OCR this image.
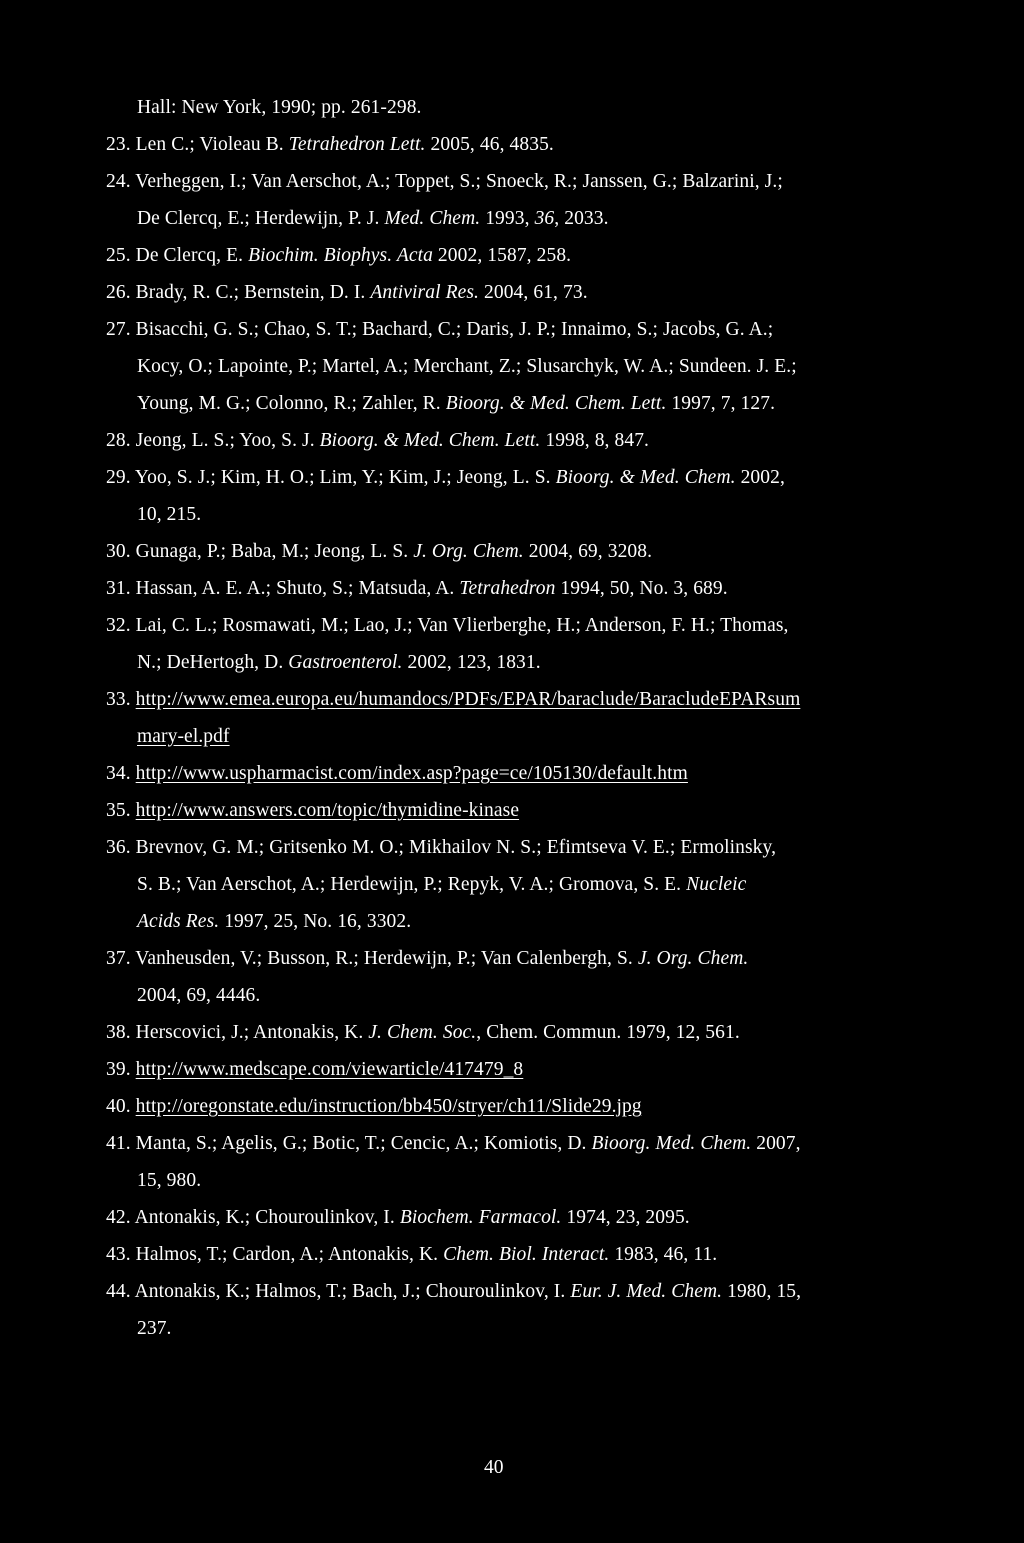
Hall: New York, 1990; pp. 261-298.
23. Len C.; Violeau B. Tetrahedron Lett. 2005, 46, 4835.
24. Verheggen, I.; Van Aerschot, A.; Toppet, S.; Snoeck, R.; Janssen, G.; Balzarini, J.;
De Clercq, E.; Herdewijn, P. J. Med. Chem. 1993, 36, 2033.
25. De Clercq, E. Biochim. Biophys. Acta 2002, 1587, 258.
26. Brady, R. C.; Bernstein, D. I. Antiviral Res. 2004, 61, 73.
27. Bisacchi, G. S.; Chao, S. T.; Bachard, C.; Daris, J. P.; Innaimo, S.; Jacobs, G. A.;
Kocy, O.; Lapointe, P.; Martel, A.; Merchant, Z.; Slusarchyk, W. A.; Sundeen. J. E.;
Young, M. G.; Colonno, R.; Zahler, R. Bioorg. & Med. Chem. Lett. 1997, 7, 127.
28. Jeong, L. S.; Yoo, S. J. Bioorg. & Med. Chem. Lett. 1998, 8, 847.
29. Yoo, S. J.; Kim, H. O.; Lim, Y.; Kim, J.; Jeong, L. S. Bioorg. & Med. Chem. 2002,
10, 215.
30. Gunaga, P.; Baba, M.; Jeong, L. S. J. Org. Chem. 2004, 69, 3208.
31. Hassan, A. E. A.; Shuto, S.; Matsuda, A. Tetrahedron 1994, 50, No. 3, 689.
32. Lai, C. L.; Rosmawati, M.; Lao, J.; Van Vlierberghe, H.; Anderson, F. H.; Thomas,
N.; DeHertogh, D. Gastroenterol. 2002, 123, 1831.
33. http://www.emea.europa.eu/humandocs/PDFs/EPAR/baraclude/BaracludeEPARsum
mary-el.pdf
34. http://www.uspharmacist.com/index.asp?page=ce/105130/default.htm
35. http://www.answers.com/topic/thymidine-kinase
36. Brevnov, G. M.; Gritsenko M. O.; Mikhailov N. S.; Efimtseva V. E.; Ermolinsky,
S. B.; Van Aerschot, A.; Herdewijn, P.; Repyk, V. A.; Gromova, S. E. Nucleic
Acids Res. 1997, 25, No. 16, 3302.
37. Vanheusden, V.; Busson, R.; Herdewijn, P.; Van Calenbergh, S. J. Org. Chem.
2004, 69, 4446.
38. Herscovici, J.; Antonakis, K. J. Chem. Soc., Chem. Commun. 1979, 12, 561.
39. http://www.medscape.com/viewarticle/417479_8
40. http://oregonstate.edu/instruction/bb450/stryer/ch11/Slide29.jpg
41. Manta, S.; Agelis, G.; Botic, T.; Cencic, A.; Komiotis, D. Bioorg. Med. Chem. 2007,
15, 980.
42. Antonakis, K.; Chouroulinkov, I. Biochem. Farmacol. 1974, 23, 2095.
43. Halmos, T.; Cardon, A.; Antonakis, K. Chem. Biol. Interact. 1983, 46, 11.
44. Antonakis, K.; Halmos, T.; Bach, J.; Chouroulinkov, I. Eur. J. Med. Chem. 1980, 15,
237.
40
